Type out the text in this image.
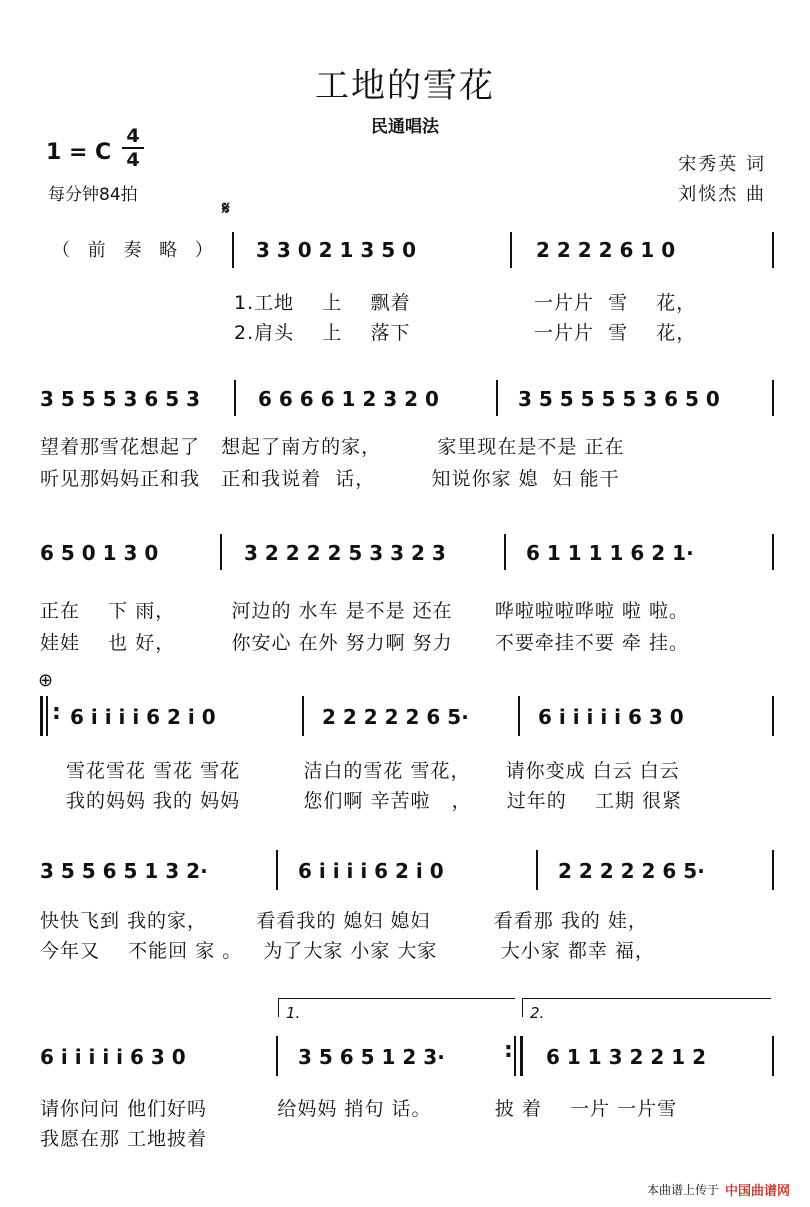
工地的雪花
民通唱法
1 = C
4
4
每分钟84拍
宋秀英 词
刘惔杰 曲
𝄋
（ 前 奏 略 ） 3 3 0 2 1 3 5 0	2 2 2 2 6 1 0
1.工地    上    飘着	一片片  雪    花，
2.肩头    上    落下	一片片  雪    花，
3 5 5 5 3 6 5 3	6 6 6 6 1 2 3 2 0	3 5 5 5 5 5 3 6 5 0
望着那雪花想起了   想起了南方的家，        家里现在是不是 正在
听见那妈妈正和我   正和我说着  话，        知说你家 媳  妇 能干
6 5 0 1 3 0	3 2 2 2 2 5 3 3 2 3	6 1 1 1 1 6 2 1·
正在    下 雨，        河边的 水车 是不是 还在      哗啦啦啦哗啦 啦 啦。
娃娃    也 好，        你安心 在外 努力啊 努力      不要牵挂不要 牵 挂。
⊕
: 6 i i i i 6 2 i 0	2 2 2 2 2 6 5·	6 i i i i i 6 3 0
雪花雪花 雪花 雪花         洁白的雪花 雪花，     请你变成 白云 白云
我的妈妈 我的 妈妈         您们啊 辛苦啦   ，     过年的    工期 很紧
3 5 5 6 5 1 3 2·	6 i i i i 6 2 i 0	2 2 2 2 2 6 5·
快快飞到 我的家，       看看我的 媳妇 媳妇         看看那 我的 娃，
今年又    不能回 家 。   为了大家 小家 大家         大小家 都幸 福，
1.	2.
6 i i i i i 6 3 0	3 5 6 5 1 2 3·	: 6 1 1 3 2 2 1 2
请你问问 他们好吗          给妈妈 捎句 话。         披 着    一片 一片雪
我愿在那 工地披着
本曲谱上传于 中国曲谱网
